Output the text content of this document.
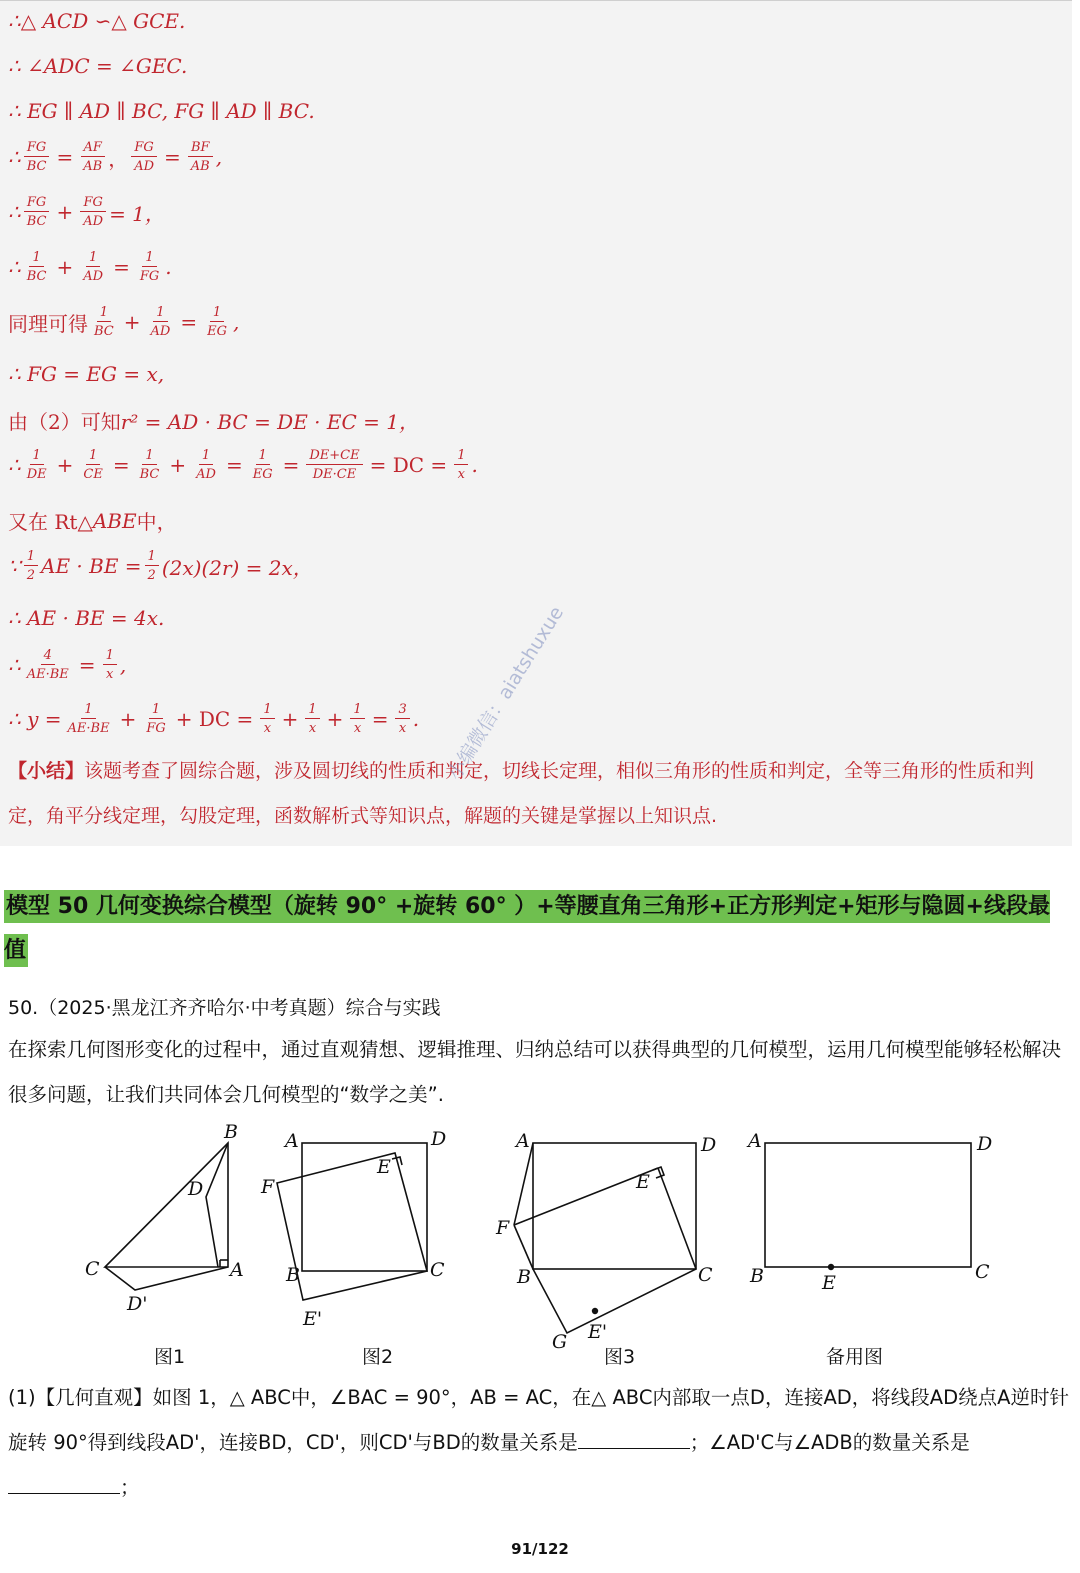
∴△ ACD ∽△ GCE.
∴ ∠ADC = ∠GEC.
∴ EG ∥ AD ∥ BC, FG ∥ AD ∥ BC.
∴ $\frac{FG}{BC} = \frac{AF}{AB}$ ， $\frac{FG}{AD} = \frac{BF}{AB}$ ,
∴ $\frac{FG}{BC} + \frac{FG}{AD} = 1$，
∴ $\frac{1}{BC} + \frac{1}{AD} = \frac{1}{FG}$ .
同理可得 $\frac{1}{BC} + \frac{1}{AD} = \frac{1}{EG}$ ,
∴ FG = EG = x,
由（2）可知 r² = AD · BC = DE · EC = 1，
∴ $\frac{1}{DE} + \frac{1}{CE} = \frac{1}{BC} + \frac{1}{AD} = \frac{1}{EG} = \frac{DE+CE}{DE\cdot CE}$ = DC = $\frac{1}{x}$ .
又在 Rt△ ABE 中，
∵ $\frac{1}{2}$ AE · BE = $\frac{1}{2} (2x)(2r) = 2x$，
∴ AE · BE = 4x.
∴ $\frac{4}{AE\cdot BE} = \frac{1}{x}$ ,
∴ $y = \frac{1}{AE\cdot BE} + \frac{1}{FG}$ + DC = $\frac{1}{x} + \frac{1}{x} + \frac{1}{x} = \frac{3}{x}$ .
【小结】该题考查了圆综合题，涉及圆切线的性质和判定，切线长定理，相似三角形的性质和判定，全等三角形的性质和判定，角平分线定理，勾股定理，函数解析式等知识点，解题的关键是掌握以上知识点.
小编微信：aiatshuxue
模型 50 几何变换综合模型（旋转 90° +旋转 60° ）+等腰直角三角形+正方形判定+矩形与隐圆+线段最值
50.（2025·黑龙江齐齐哈尔·中考真题）综合与实践
在探索几何图形变化的过程中，通过直观猜想、逻辑推理、归纳总结可以获得典型的几何模型，运用几何模型能够轻松解决很多问题，让我们共同体会几何模型的“数学之美”.
B
D
C	A
D'
图1
A	D
E
F
B	C
E'
图2
A	D
E
F
B	C
G E'
图3
A	D
B	E	C
备用图
(1)【几何直观】如图 1，△ ABC中，∠BAC = 90°，AB = AC，在△ ABC内部取一点D，连接AD，将线段AD绕点A逆时针旋转 90°得到线段AD'，连接BD，CD'，则CD'与BD的数量关系是	；∠AD'C与∠ADB的数量关系是；
91/122
